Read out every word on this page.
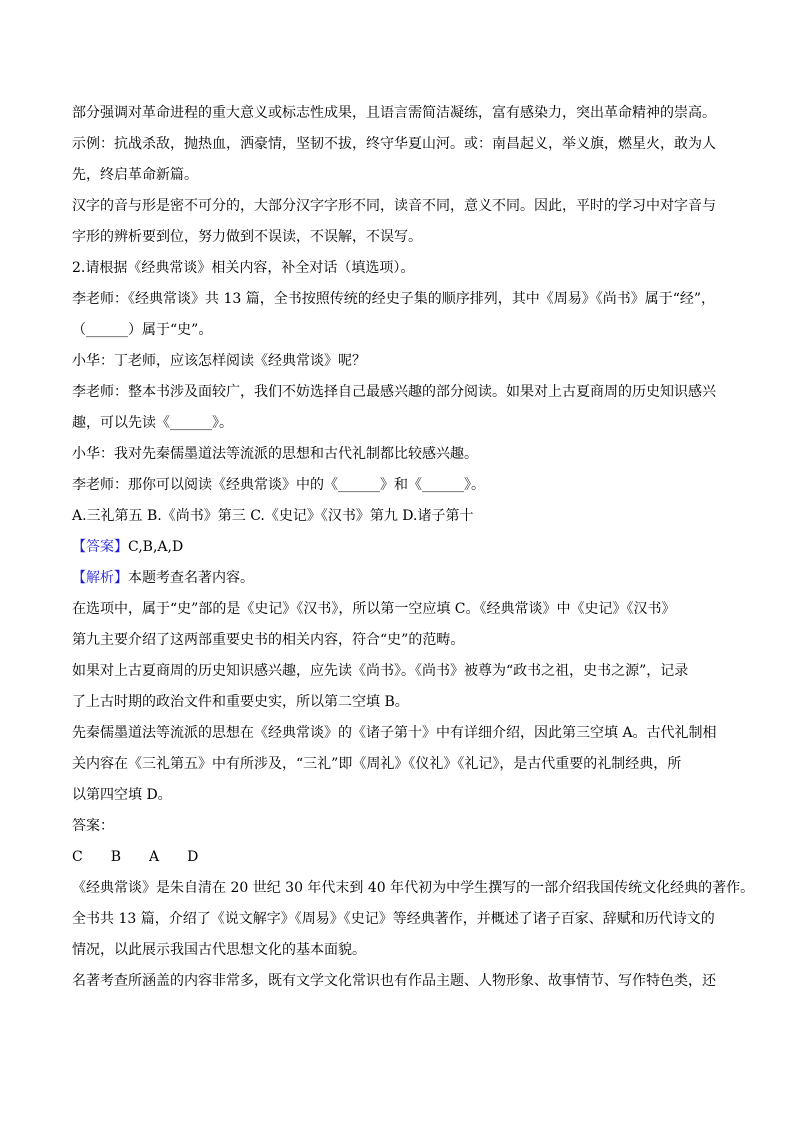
部分强调对革命进程的重大意义或标志性成果，且语言需简洁凝练，富有感染力，突出革命精神的崇高。

示例：抗战杀敌，抛热血，洒豪情，坚韧不拔，终守华夏山河。或：南昌起义，举义旗，燃星火，敢为人

先，终启革命新篇。

汉字的音与形是密不可分的，大部分汉字字形不同，读音不同，意义不同。因此，平时的学习中对字音与

字形的辨析要到位，努力做到不误读，不误解，不误写。

2.请根据《经典常谈》相关内容，补全对话（填选项）。

李老师：《经典常谈》共 13 篇，全书按照传统的经史子集的顺序排列，其中《周易》《尚书》属于“经”，

（______）属于“史”。

小华：丁老师，应该怎样阅读《经典常谈》呢？

李老师：整本书涉及面较广，我们不妨选择自己最感兴趣的部分阅读。如果对上古夏商周的历史知识感兴

趣，可以先读《______》。

小华：我对先秦儒墨道法等流派的思想和古代礼制都比较感兴趣。

李老师：那你可以阅读《经典常谈》中的《______》和《______》。

A.三礼第五 B.《尚书》第三 C.《史记》《汉书》第九 D.诸子第十

【答案】C,B,A,D

【解析】本题考查名著内容。

在选项中，属于“史”部的是《史记》《汉书》，所以第一空应填 C。《经典常谈》中《史记》《汉书》

第九主要介绍了这两部重要史书的相关内容，符合“史”的范畴。

如果对上古夏商周的历史知识感兴趣，应先读《尚书》。《尚书》被尊为“政书之祖，史书之源”，记录

了上古时期的政治文件和重要史实，所以第二空填 B。

先秦儒墨道法等流派的思想在《经典常谈》的《诸子第十》中有详细介绍，因此第三空填 A。古代礼制相

关内容在《三礼第五》中有所涉及，“三礼”即《周礼》《仪礼》《礼记》，是古代重要的礼制经典，所

以第四空填 D。

答案：

C B A D

《经典常谈》是朱自清在 20 世纪 30 年代末到 40 年代初为中学生撰写的一部介绍我国传统文化经典的著作。

全书共 13 篇，介绍了《说文解字》《周易》《史记》等经典著作，并概述了诸子百家、辞赋和历代诗文的

情况，以此展示我国古代思想文化的基本面貌。

名著考查所涵盖的内容非常多，既有文学文化常识也有作品主题、人物形象、故事情节、写作特色类，还
